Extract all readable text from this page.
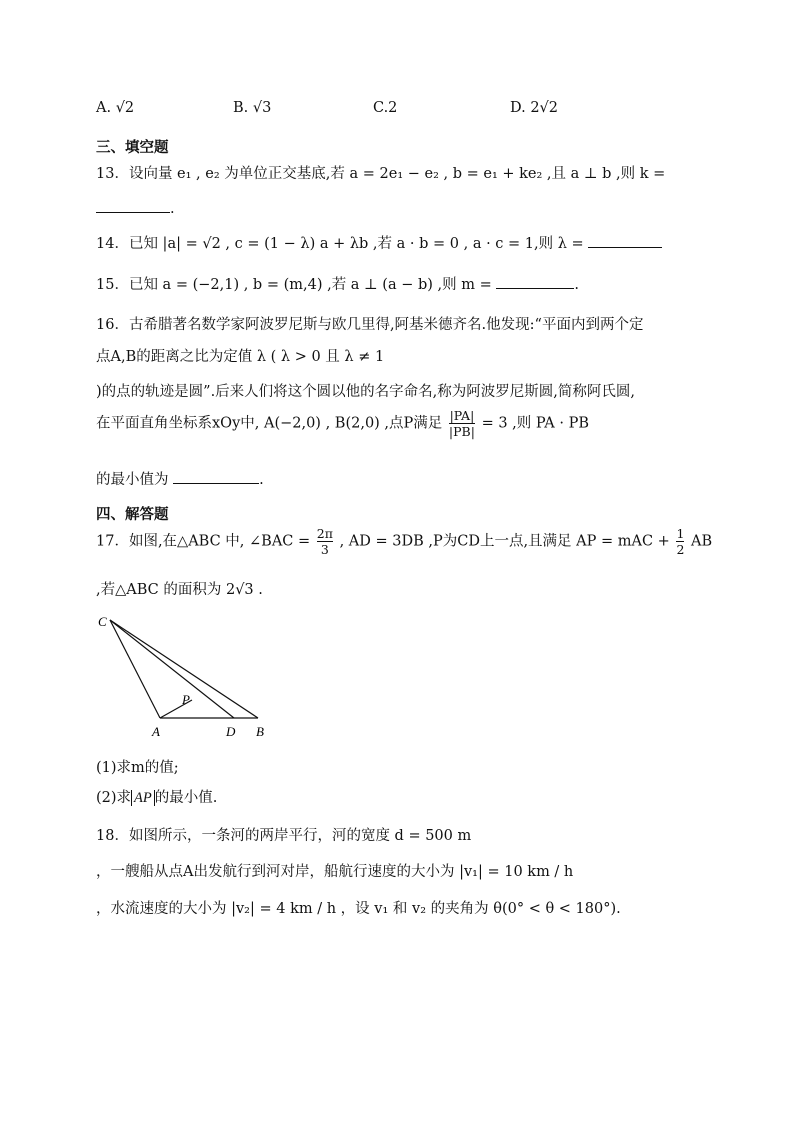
A. √2	B. √3	C.2	D. 2√2
三、填空题
13．设向量 e₁ , e₂ 为单位正交基底,若 a = 2e₁ − e₂ , b = e₁ + ke₂ ,且 a ⊥ b ,则 k =
.
14．已知 |a| = √2 , c = (1 − λ) a + λb ,若 a · b = 0 , a · c = 1,则 λ =
15．已知 a = (−2,1) , b = (m,4) ,若 a ⊥ (a − b) ,则 m =	.
16．古希腊著名数学家阿波罗尼斯与欧几里得,阿基米德齐名.他发现:“平面内到两个定
点A,B的距离之比为定值 λ ( λ > 0 且 λ ≠ 1
)的点的轨迹是圆”.后来人们将这个圆以他的名字命名,称为阿波罗尼斯圆,简称阿氏圆,
在平面直角坐标系xOy中, A(−2,0) , B(2,0) ,点P满足 $\frac{|PA|}{|PB|} = 3$ ,则 PA · PB
的最小值为	.
四、解答题
17．如图,在△ABC 中, ∠BAC = $\frac{2\pi}{3}$ , AD = 3DB ,P为CD上一点,且满足 AP = mAC + $\frac{1}{2}$ AB
,若△ABC 的面积为 2√3 .
C
P
A	D B
(1)求m的值;
(2)求 AP 的最小值.
18．如图所示，一条河的两岸平行，河的宽度 d = 500 m
，一艘船从点A出发航行到河对岸，船航行速度的大小为 |v₁| = 10 km / h
，水流速度的大小为 |v₂| = 4 km / h ，设 v₁ 和 v₂ 的夹角为 θ(0° < θ < 180°).
